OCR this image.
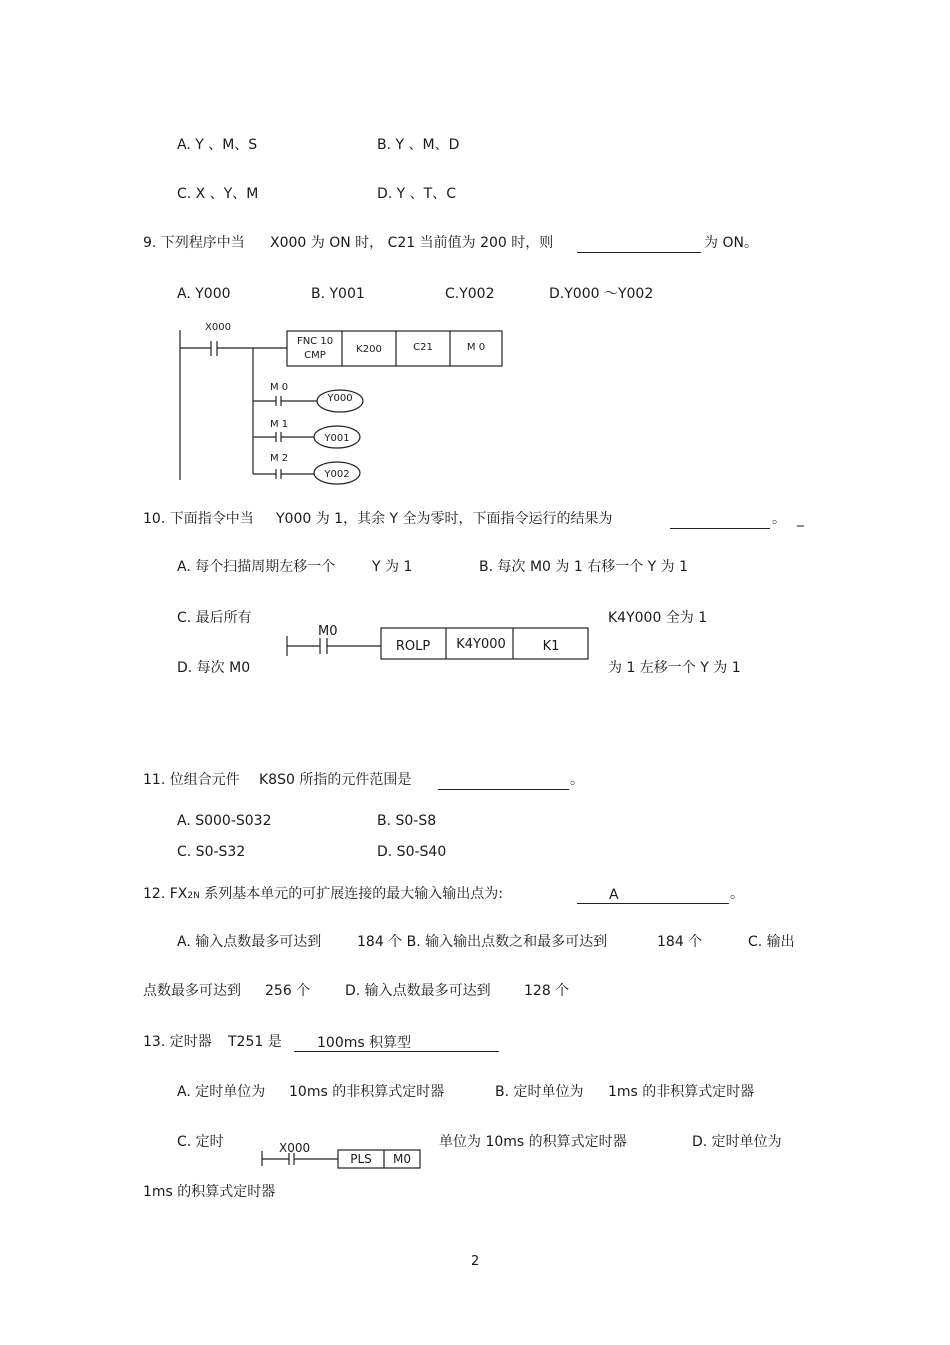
A. Y 、M、S	B. Y 、M、D
C. X 、Y、M	D. Y 、T、C
9. 下列程序中当 X000 为 ON 时， C21 当前值为 200 时，则	为 ON。
A. Y000	B. Y001	C.Y002	D.Y000 ～Y002
X000
FNC 10
CMP
K200	C21	M 0
M 0
Y000
M 1
Y001
M 2
Y002
10. 下面指令中当 Y000 为 1，其余 Y 全为零时，下面指令运行的结果为	。 _
A. 每个扫描周期左移一个	Y 为 1	B. 每次 M0 为 1 右移一个 Y 为 1
C. 最后所有	K4Y000 全为 1
D. 每次 M0	为 1 左移一个 Y 为 1
M0
ROLP K4Y000	K1
11. 位组合元件 K8S0 所指的元件范围是	。
A. S000-S032	B. S0-S8
C. S0-S32	D. S0-S40
12. FX2N 系列基本单元的可扩展连接的最大输入输出点为:	A	。
A. 输入点数最多可达到	184 个 B. 输入输出点数之和最多可达到	184 个	C. 输出
点数最多可达到 256 个 D. 输入点数最多可达到 128 个
13. 定时器 T251 是	100ms 积算型
A. 定时单位为 10ms 的非积算式定时器	B. 定时单位为 1ms 的非积算式定时器
C. 定时	单位为 10ms 的积算式定时器	D. 定时单位为
1ms 的积算式定时器
X000
PLS M0
2
